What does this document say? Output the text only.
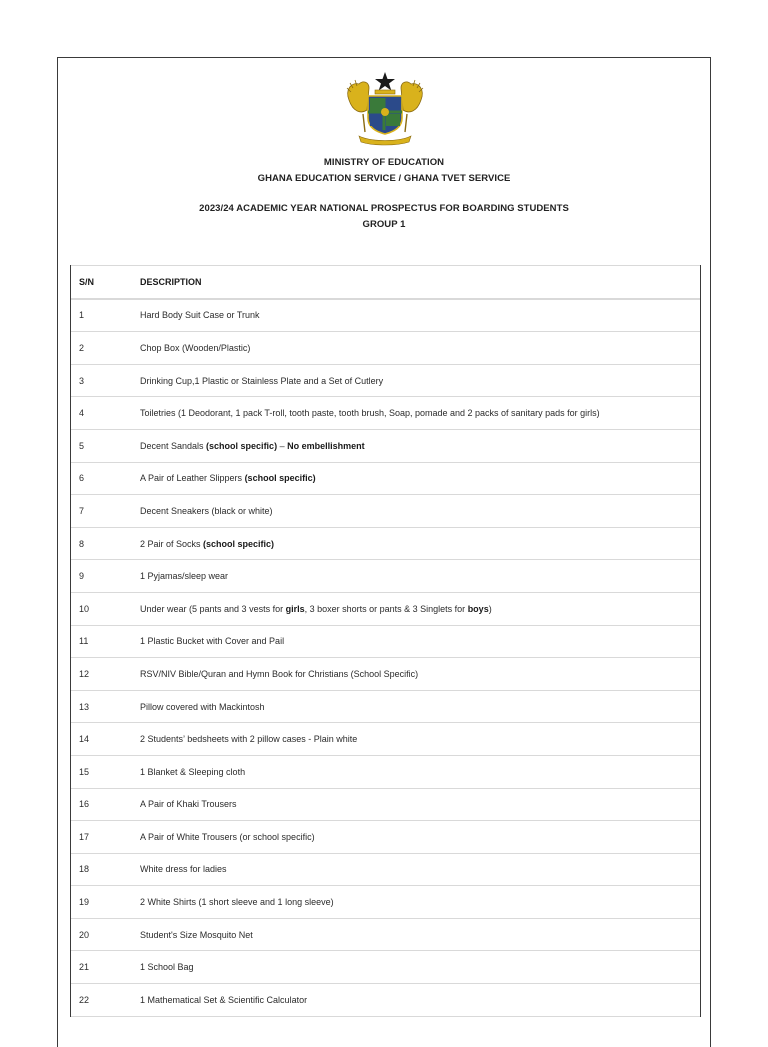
MINISTRY OF EDUCATION
GHANA EDUCATION SERVICE / GHANA TVET SERVICE
2023/24 ACADEMIC YEAR NATIONAL PROSPECTUS FOR BOARDING STUDENTS
GROUP 1
S/N	DESCRIPTION
1	Hard Body Suit Case or Trunk
2	Chop Box (Wooden/Plastic)
3	Drinking Cup,1 Plastic or Stainless Plate and a Set of Cutlery
4	Toiletries (1 Deodorant, 1 pack T-roll, tooth paste, tooth brush, Soap, pomade and 2 packs of sanitary pads for girls)
5	Decent Sandals (school specific) – No embellishment
6	A Pair of Leather Slippers (school specific)
7	Decent Sneakers (black or white)
8	2 Pair of Socks (school specific)
9	1 Pyjamas/sleep wear
10	Under wear (5 pants and 3 vests for girls, 3 boxer shorts or pants & 3 Singlets for boys)
11	1 Plastic Bucket with Cover and Pail
12	RSV/NIV Bible/Quran and Hymn Book for Christians (School Specific)
13	Pillow covered with Mackintosh
14	2 Students’ bedsheets with 2 pillow cases - Plain white
15	1 Blanket & Sleeping cloth
16	A Pair of Khaki Trousers
17	A Pair of White Trousers (or school specific)
18	White dress for ladies
19	2 White Shirts (1 short sleeve and 1 long sleeve)
20	Student's Size Mosquito Net
21	1 School Bag
22	1 Mathematical Set & Scientific Calculator
